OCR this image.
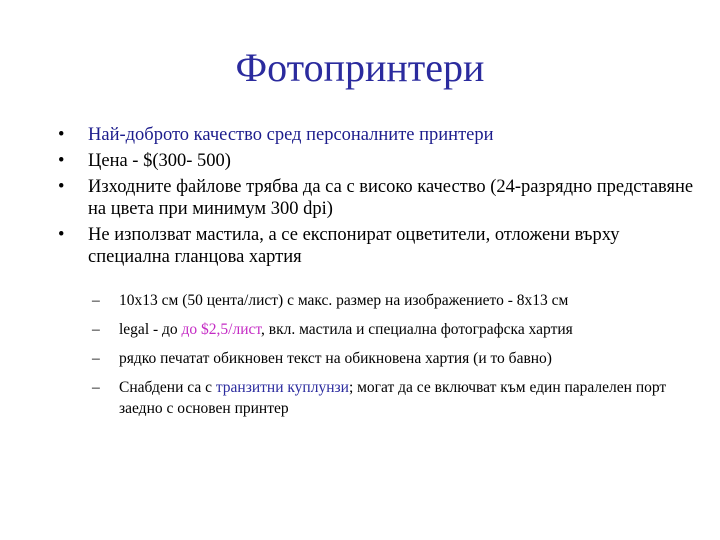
Фотопринтери
•	Най-доброто качество сред персоналните принтери
•	Цена - $(300- 500)
•	Изходните файлове трябва да са с високо качество (24-разрядно представяне на цвета при минимум 300 dpi)
•	Не използват мастила, а се експонират оцветители, отложени върху специална гланцова хартия
–	10х13 см (50 цента/лист) с макс. размер на изображението - 8х13 см
–	legal - до до $2,5/лист, вкл. мастила и специална фотографска хартия
–	рядко печатат обикновен текст на обикновена хартия (и то бавно)
–	Снабдени са с транзитни куплунзи; могат да се включват към един паралелен порт заедно с основен принтер
